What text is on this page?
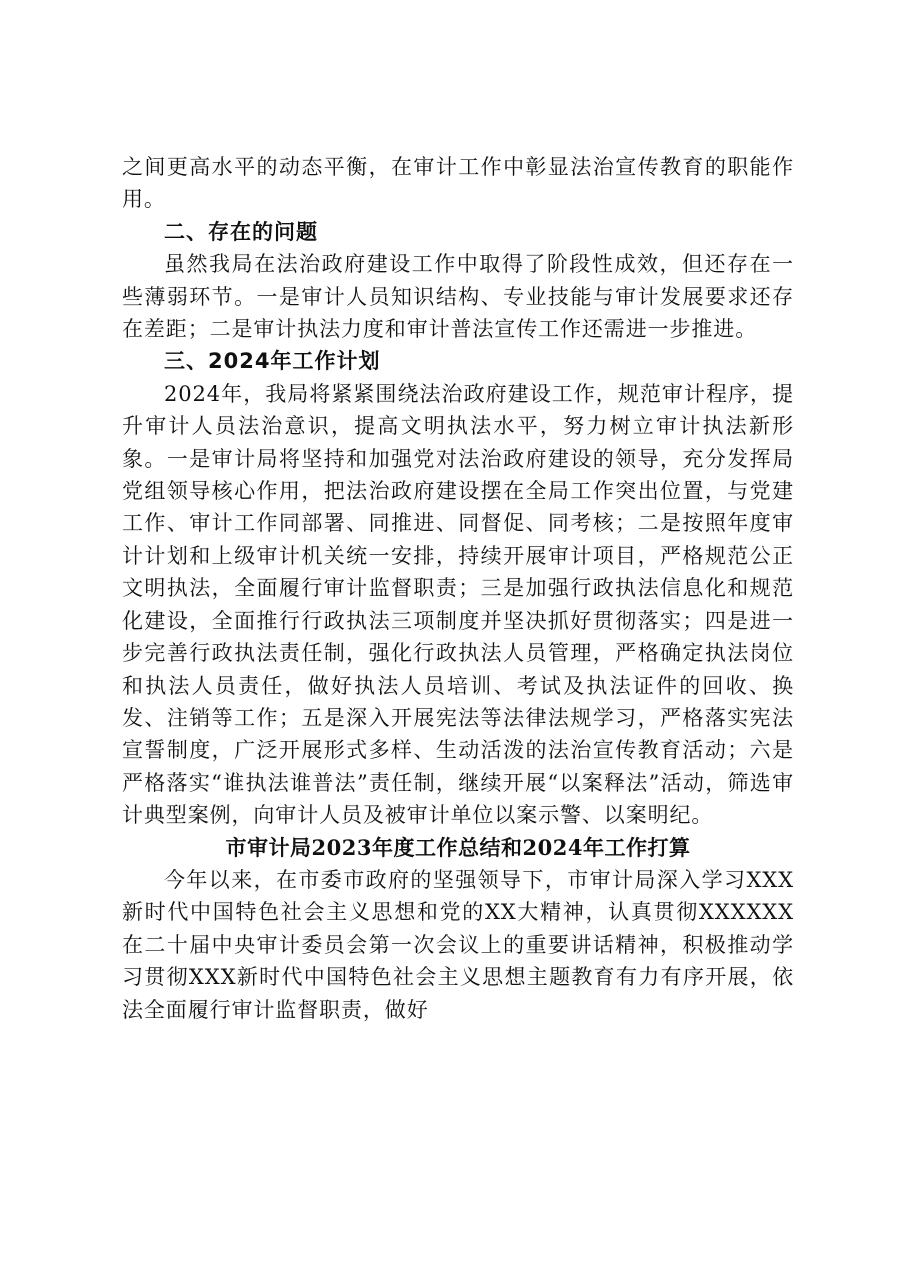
之间更高水平的动态平衡，在审计工作中彰显法治宣传教育的职能作用。

二、存在的问题

虽然我局在法治政府建设工作中取得了阶段性成效，但还存在一些薄弱环节。一是审计人员知识结构、专业技能与审计发展要求还存在差距；二是审计执法力度和审计普法宣传工作还需进一步推进。

三、2024年工作计划

2024年，我局将紧紧围绕法治政府建设工作，规范审计程序，提升审计人员法治意识，提高文明执法水平，努力树立审计执法新形象。一是审计局将坚持和加强党对法治政府建设的领导，充分发挥局党组领导核心作用，把法治政府建设摆在全局工作突出位置，与党建工作、审计工作同部署、同推进、同督促、同考核；二是按照年度审计计划和上级审计机关统一安排，持续开展审计项目，严格规范公正文明执法，全面履行审计监督职责；三是加强行政执法信息化和规范化建设，全面推行行政执法三项制度并坚决抓好贯彻落实；四是进一步完善行政执法责任制，强化行政执法人员管理，严格确定执法岗位和执法人员责任，做好执法人员培训、考试及执法证件的回收、换发、注销等工作；五是深入开展宪法等法律法规学习，严格落实宪法宣誓制度，广泛开展形式多样、生动活泼的法治宣传教育活动；六是严格落实“谁执法谁普法”责任制，继续开展“以案释法”活动，筛选审计典型案例，向审计人员及被审计单位以案示警、以案明纪。

市审计局2023年度工作总结和2024年工作打算

今年以来，在市委市政府的坚强领导下，市审计局深入学习XXX新时代中国特色社会主义思想和党的XX大精神，认真贯彻XXXXXX在二十届中央审计委员会第一次会议上的重要讲话精神，积极推动学习贯彻XXX新时代中国特色社会主义思想主题教育有力有序开展，依法全面履行审计监督职责，做好
